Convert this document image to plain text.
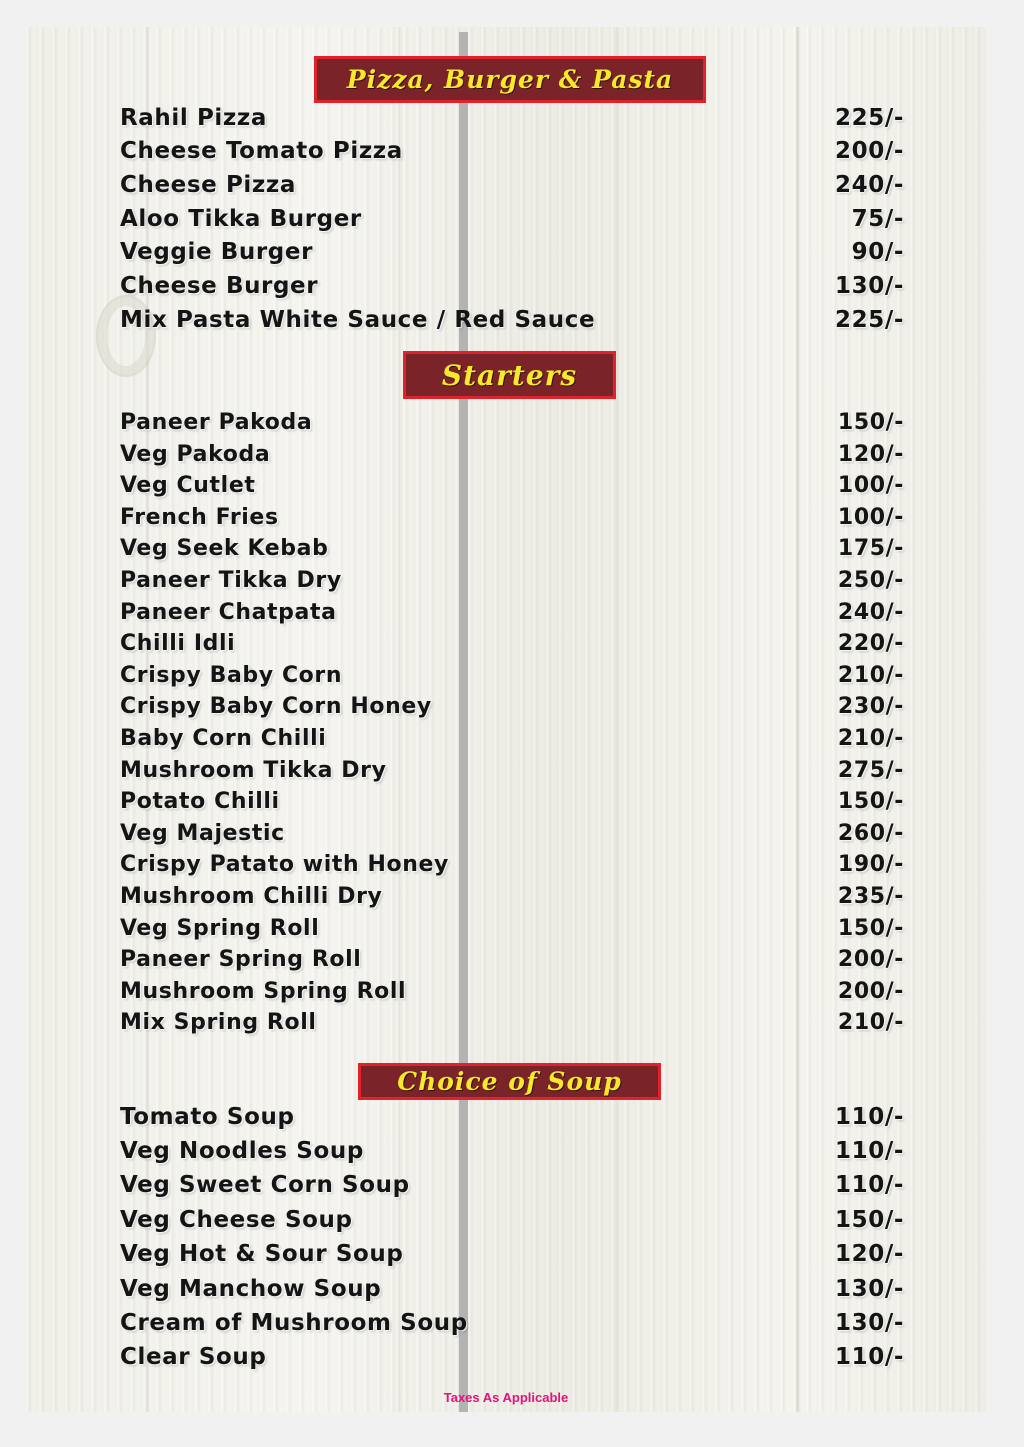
Pizza, Burger & Pasta
Rahil Pizza	225/-
Cheese Tomato Pizza	200/-
Cheese Pizza	240/-
Aloo Tikka Burger	75/-
Veggie Burger	90/-
Cheese Burger	130/-
Mix Pasta White Sauce / Red Sauce	225/-
Starters
Paneer Pakoda	150/-
Veg Pakoda	120/-
Veg Cutlet	100/-
French Fries	100/-
Veg Seek Kebab	175/-
Paneer Tikka Dry	250/-
Paneer Chatpata	240/-
Chilli Idli	220/-
Crispy Baby Corn	210/-
Crispy Baby Corn Honey	230/-
Baby Corn Chilli	210/-
Mushroom Tikka Dry	275/-
Potato Chilli	150/-
Veg Majestic	260/-
Crispy Patato with Honey	190/-
Mushroom Chilli Dry	235/-
Veg Spring Roll	150/-
Paneer Spring Roll	200/-
Mushroom Spring Roll	200/-
Mix Spring Roll	210/-
Choice of Soup
Tomato Soup	110/-
Veg Noodles Soup	110/-
Veg Sweet Corn Soup	110/-
Veg Cheese Soup	150/-
Veg Hot & Sour Soup	120/-
Veg Manchow Soup	130/-
Cream of Mushroom Soup	130/-
Clear Soup	110/-
Taxes As Applicable
